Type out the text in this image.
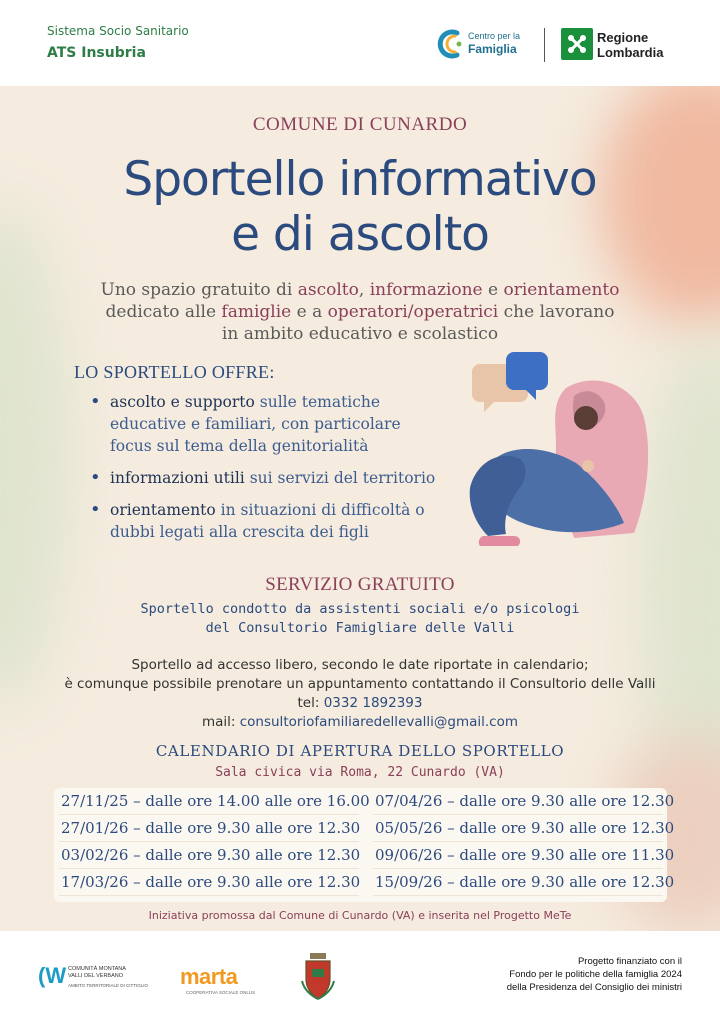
Sistema Socio Sanitario
ATS Insubria
Centro per la
Famiglia
Regione
Lombardia
COMUNE DI CUNARDO
Sportello informativo
e di ascolto
Uno spazio gratuito di ascolto, informazione e orientamento
dedicato alle famiglie e a operatori/operatrici che lavorano
in ambito educativo e scolastico
LO SPORTELLO OFFRE:
• ascolto e supporto sulle tematiche educative e familiari, con particolare focus sul tema della genitorialità
• informazioni utili sui servizi del territorio
• orientamento in situazioni di difficoltà o dubbi legati alla crescita dei figli
SERVIZIO GRATUITO
Sportello condotto da assistenti sociali e/o psicologi
del Consultorio Famigliare delle Valli
Sportello ad accesso libero, secondo le date riportate in calendario;
è comunque possibile prenotare un appuntamento contattando il Consultorio delle Valli
tel: 0332 1892393
mail: consultoriofamiliaredellevalli@gmail.com
CALENDARIO DI APERTURA DELLO SPORTELLO
Sala civica via Roma, 22 Cunardo (VA)
27/11/25 – dalle ore 14.00 alle ore 16.00
27/01/26 – dalle ore 9.30 alle ore 12.30
03/02/26 – dalle ore 9.30 alle ore 12.30
17/03/26 – dalle ore 9.30 alle ore 12.30
07/04/26 – dalle ore 9.30 alle ore 12.30
05/05/26 – dalle ore 9.30 alle ore 12.30
09/06/26 – dalle ore 9.30 alle ore 11.30
15/09/26 – dalle ore 9.30 alle ore 12.30
Iniziativa promossa dal Comune di Cunardo (VA) e inserita nel Progetto MeTe
(W COMUNITÀ MONTANA
VALLI DEL VERBANO
AMBITO TERRITORIALE DI CITTIGLIO marta
COOPERATIVA SOCIALE ONLUS
Progetto finanziato con il
Fondo per le politiche della famiglia 2024
della Presidenza del Consiglio dei ministri
